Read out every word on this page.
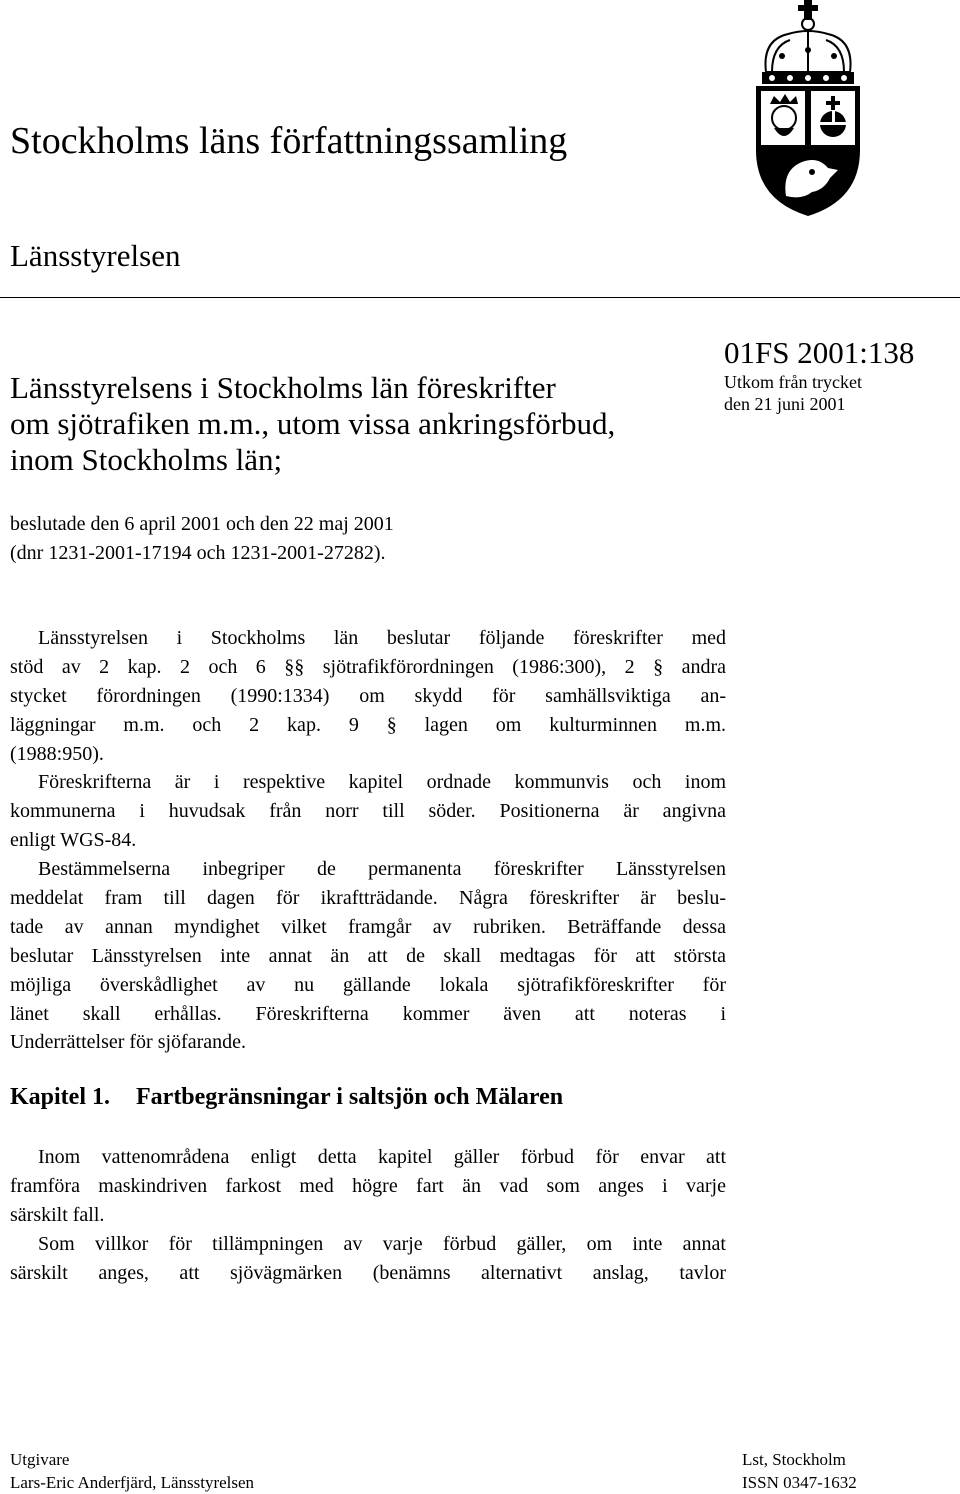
Stockholms läns författningssamling
Länsstyrelsen
Länsstyrelsens i Stockholms län föreskrifter
om sjötrafiken m.m., utom vissa ankringsförbud,
inom Stockholms län;
01FS 2001:138
Utkom från trycket
den 21 juni 2001
beslutade den 6 april 2001 och den 22 maj 2001
(dnr 1231-2001-17194 och 1231-2001-27282).
Länsstyrelsen i Stockholms län beslutar följande föreskrifter med
stöd av 2 kap. 2 och 6 §§ sjötrafikförordningen (1986:300), 2 § andra
stycket förordningen (1990:1334) om skydd för samhällsviktiga an-
läggningar m.m. och 2 kap. 9 § lagen om kulturminnen m.m.
(1988:950).
Föreskrifterna är i respektive kapitel ordnade kommunvis och inom
kommunerna i huvudsak från norr till söder. Positionerna är angivna
enligt WGS-84.
Bestämmelserna inbegriper de permanenta föreskrifter Länsstyrelsen
meddelat fram till dagen för ikraftträdande. Några föreskrifter är beslu-
tade av annan myndighet vilket framgår av rubriken. Beträffande dessa
beslutar Länsstyrelsen inte annat än att de skall medtagas för att största
möjliga överskådlighet av nu gällande lokala sjötrafikföreskrifter för
länet skall erhållas. Föreskrifterna kommer även att noteras i
Underrättelser för sjöfarande.
Kapitel 1. Fartbegränsningar i saltsjön och Mälaren
Inom vattenområdena enligt detta kapitel gäller förbud för envar att
framföra maskindriven farkost med högre fart än vad som anges i varje
särskilt fall.
Som villkor för tillämpningen av varje förbud gäller, om inte annat
särskilt anges, att sjövägmärken (benämns alternativt anslag, tavlor
Utgivare
Lars-Eric Anderfjärd, Länsstyrelsen
Lst, Stockholm
ISSN 0347-1632
